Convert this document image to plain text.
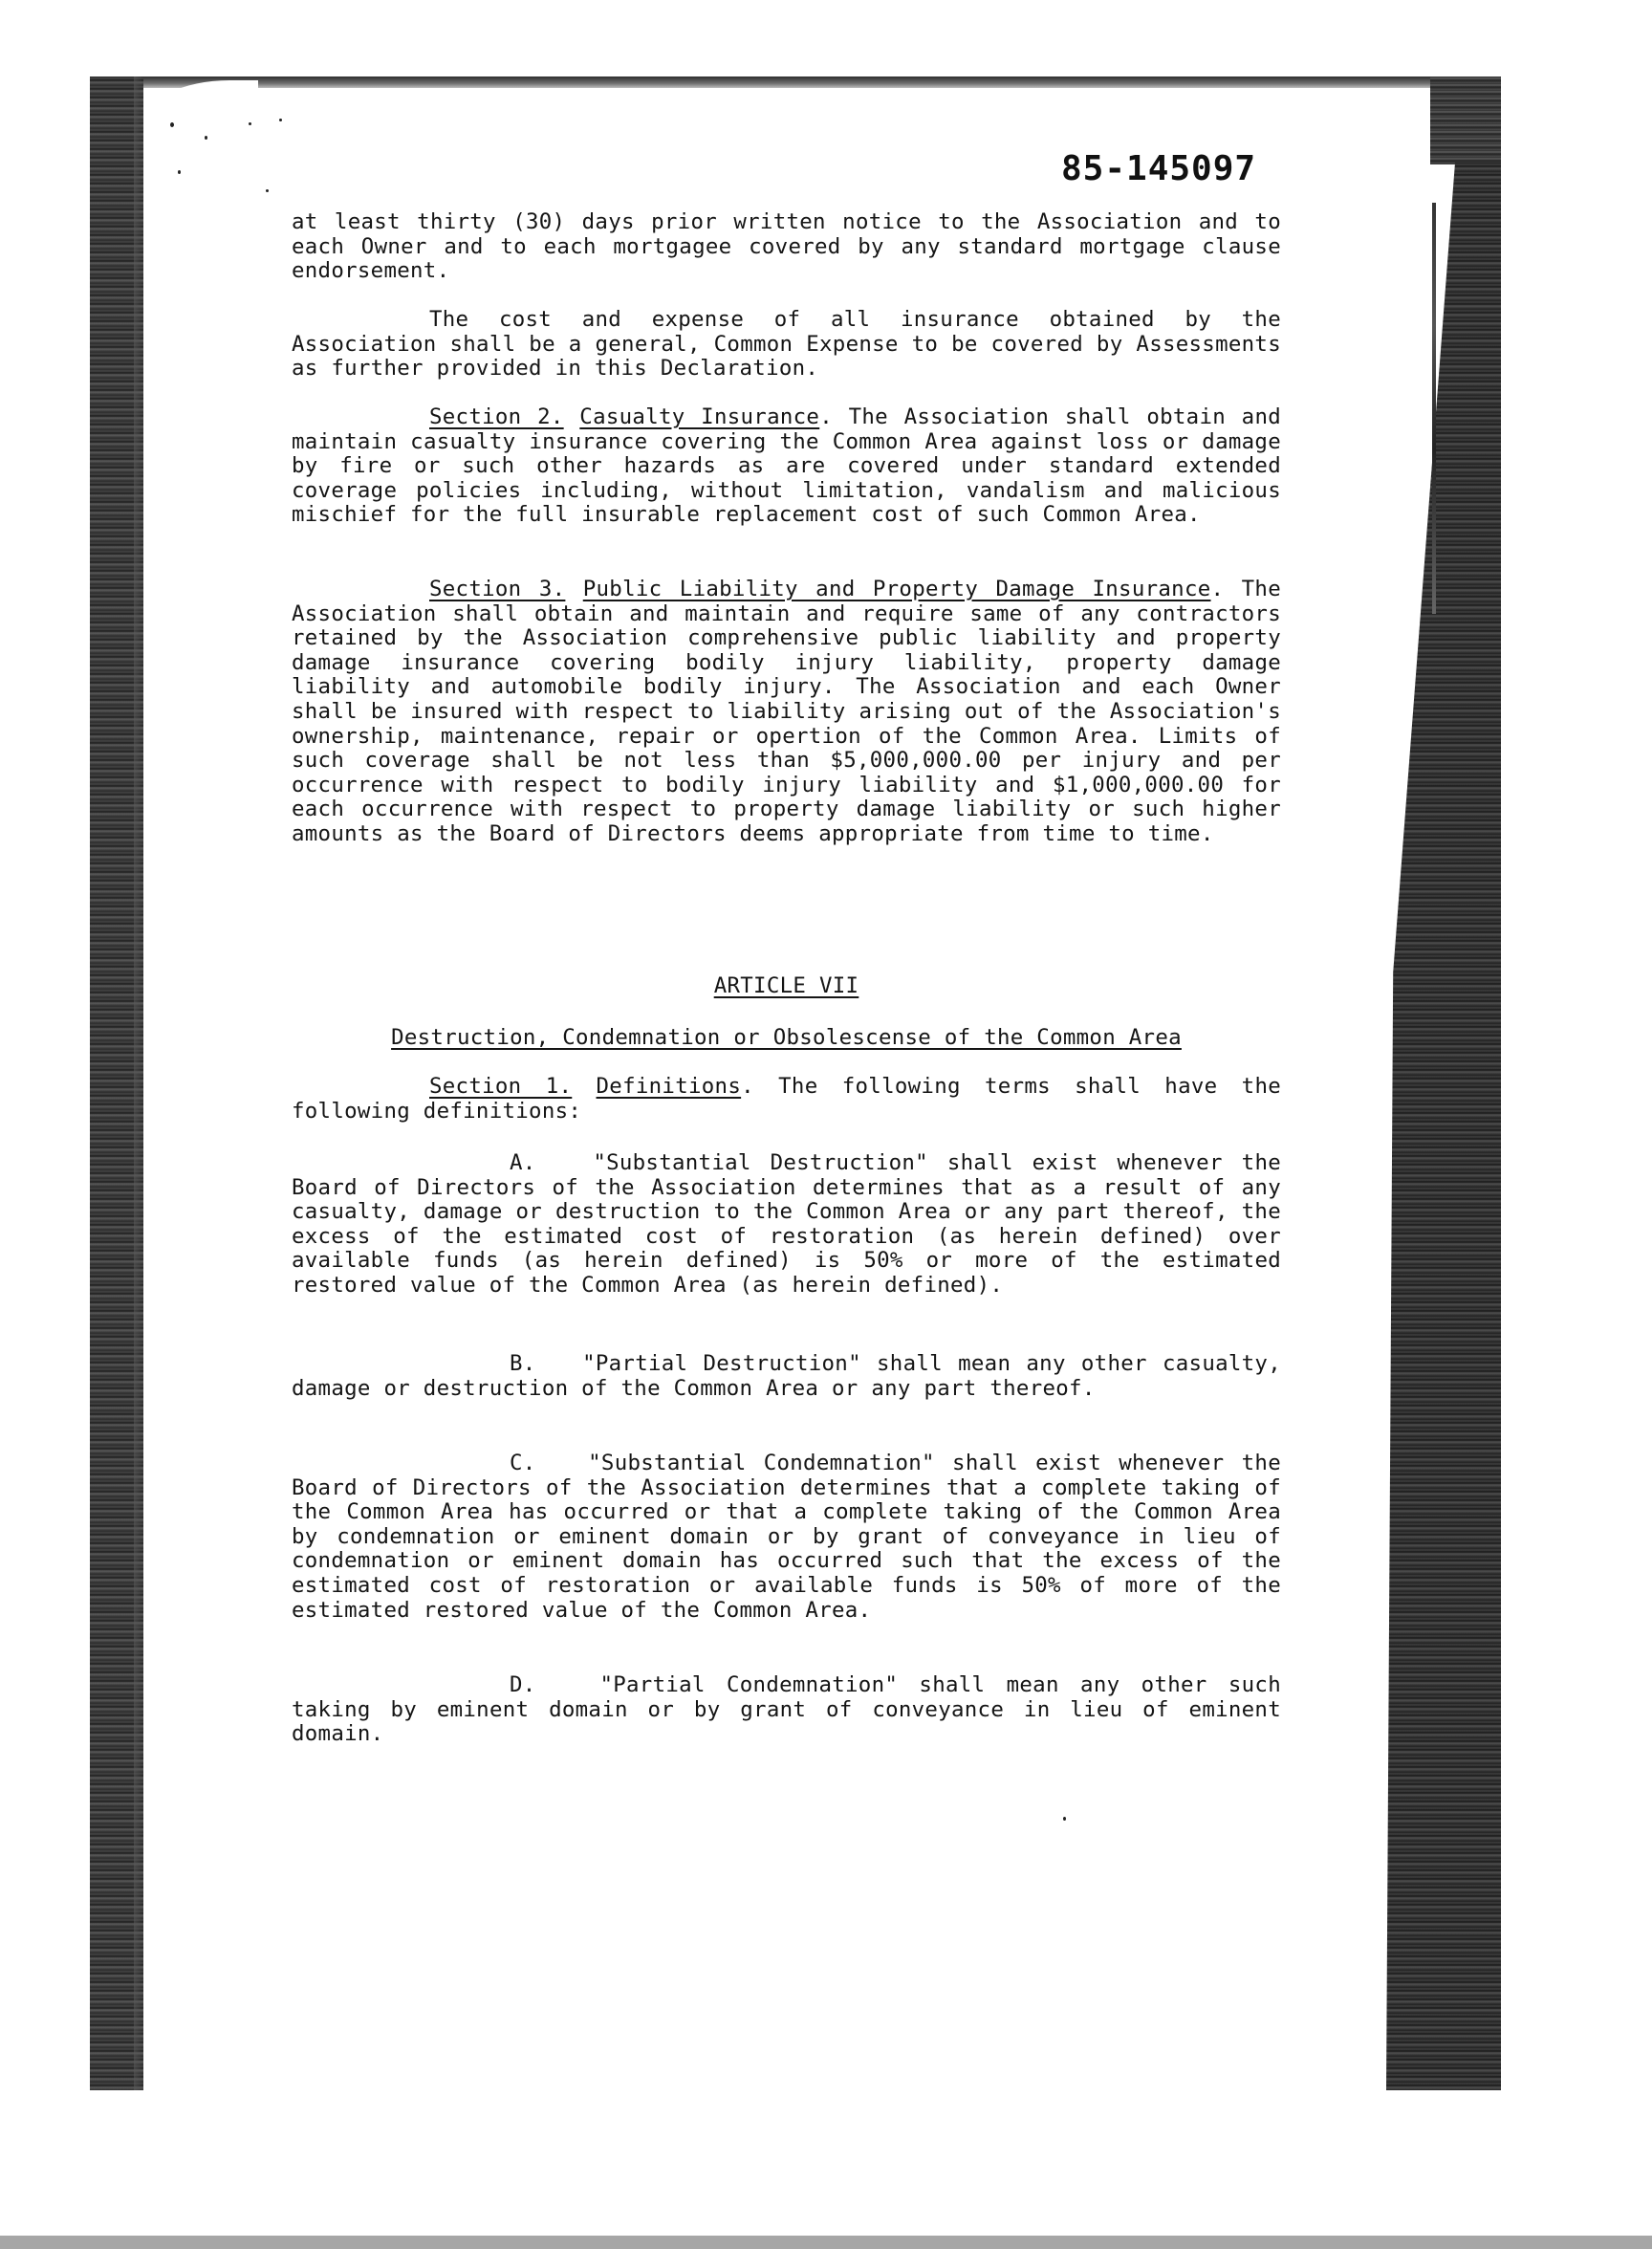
85-145097

at least thirty (30) days prior written notice to the Association and to each Owner and to each mortgagee covered by any standard mortgage clause endorsement.

The cost and expense of all insurance obtained by the Association shall be a general, Common Expense to be covered by Assessments as further provided in this Declaration.

Section 2. Casualty Insurance. The Association shall obtain and maintain casualty insurance covering the Common Area against loss or damage by fire or such other hazards as are covered under standard extended coverage policies including, without limitation, vandalism and malicious mischief for the full insurable replacement cost of such Common Area.

Section 3. Public Liability and Property Damage Insurance. The Association shall obtain and maintain and require same of any contractors retained by the Association comprehensive public liability and property damage insurance covering bodily injury liability, property damage liability and automobile bodily injury. The Association and each Owner shall be insured with respect to liability arising out of the Association's ownership, maintenance, repair or opertion of the Common Area. Limits of such coverage shall be not less than $5,000,000.00 per injury and per occurrence with respect to bodily injury liability and $1,000,000.00 for each occurrence with respect to property damage liability or such higher amounts as the Board of Directors deems appropriate from time to time.

ARTICLE VII
Destruction, Condemnation or Obsolescense of the Common Area

Section 1. Definitions. The following terms shall have the following definitions:

A.	"Substantial Destruction" shall exist whenever the Board of Directors of the Association determines that as a result of any casualty, damage or destruction to the Common Area or any part thereof, the excess of the estimated cost of restoration (as herein defined) over available funds (as herein defined) is 50% or more of the estimated restored value of the Common Area (as herein defined).

B. "Partial Destruction" shall mean any other casualty, damage or destruction of the Common Area or any part thereof.

C. "Substantial Condemnation" shall exist whenever the Board of Directors of the Association determines that a complete taking of the Common Area has occurred or that a complete taking of the Common Area by condemnation or eminent domain or by grant of conveyance in lieu of condemnation or eminent domain has occurred such that the excess of the estimated cost of restoration or available funds is 50% of more of the estimated restored value of the Common Area.

D.	"Partial Condemnation" shall mean any other such taking by eminent domain or by grant of conveyance in lieu of eminent domain.
